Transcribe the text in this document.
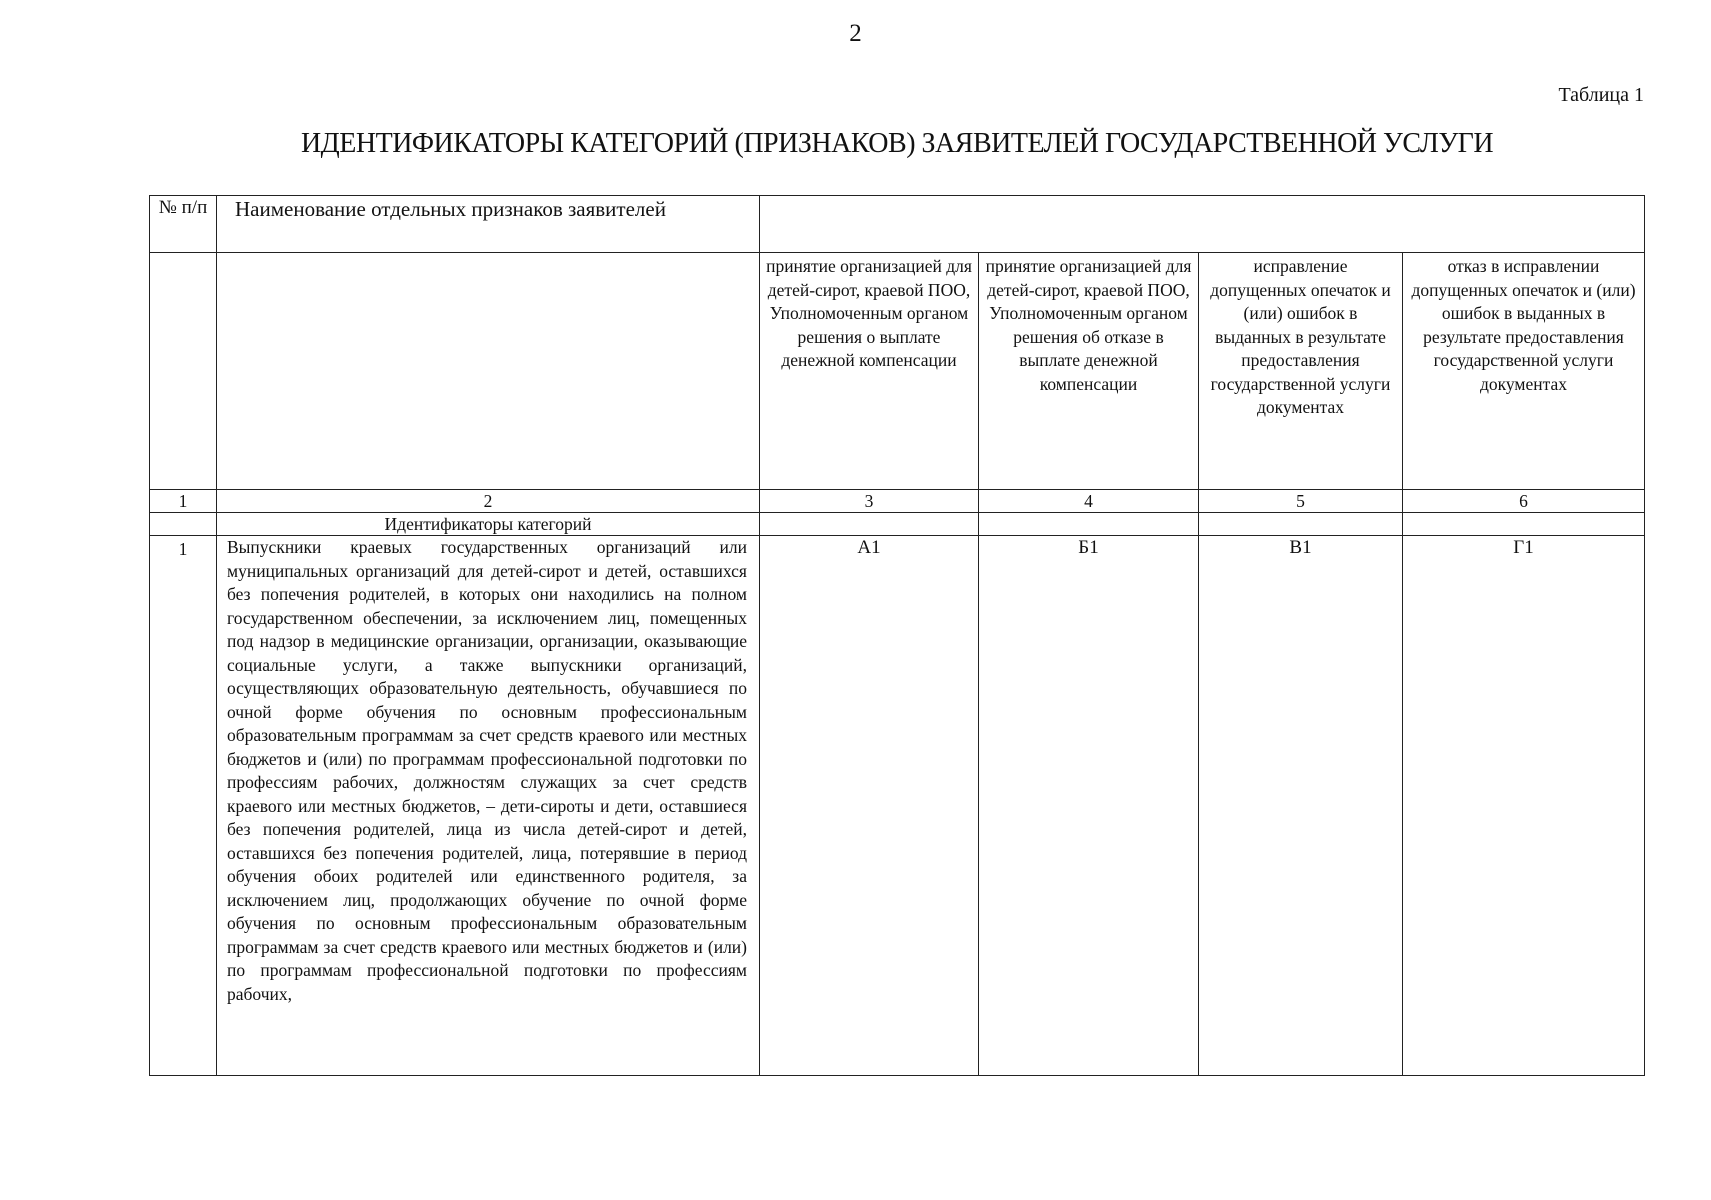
2
Таблица 1
ИДЕНТИФИКАТОРЫ КАТЕГОРИЙ (ПРИЗНАКОВ) ЗАЯВИТЕЛЕЙ ГОСУДАРСТВЕННОЙ УСЛУГИ
№ п/п	Наименование отдельных признаков заявителей				
		принятие организацией для детей-сирот, краевой ПОО, Уполномоченным органом решения о выплате денежной компенсации	принятие организацией для детей-сирот, краевой ПОО, Уполномоченным органом решения об отказе в выплате денежной компенсации	исправление допущенных опечаток и (или) ошибок в выданных в результате предоставления государственной услуги документах	отказ в исправлении допущенных опечаток и (или) ошибок в выданных в результате предоставления государственной услуги документах
1	2	3	4	5	6
	Идентификаторы категорий				
1	Выпускники краевых государственных организаций или муниципальных организаций для детей-сирот и детей, оставшихся без попечения родителей, в которых они находились на полном государственном обеспечении, за исключением лиц, помещенных под надзор в медицинские организации, организации, оказывающие социальные услуги, а также выпускники организаций, осуществляющих образовательную деятельность, обучавшиеся по очной форме обучения по основным профессиональным образовательным программам за счет средств краевого или местных бюджетов и (или) по программам профессиональной подготовки по профессиям рабочих, должностям служащих за счет средств краевого или местных бюджетов, – дети-сироты и дети, оставшиеся без попечения родителей, лица из числа детей-сирот и детей, оставшихся без попечения родителей, лица, потерявшие в период обучения обоих родителей или единственного родителя, за исключением лиц, продолжающих обучение по очной форме обучения по основным профессиональным образовательным программам за счет средств краевого или местных бюджетов и (или) по программам профессиональной подготовки по профессиям рабочих,	А1	Б1	В1	Г1
